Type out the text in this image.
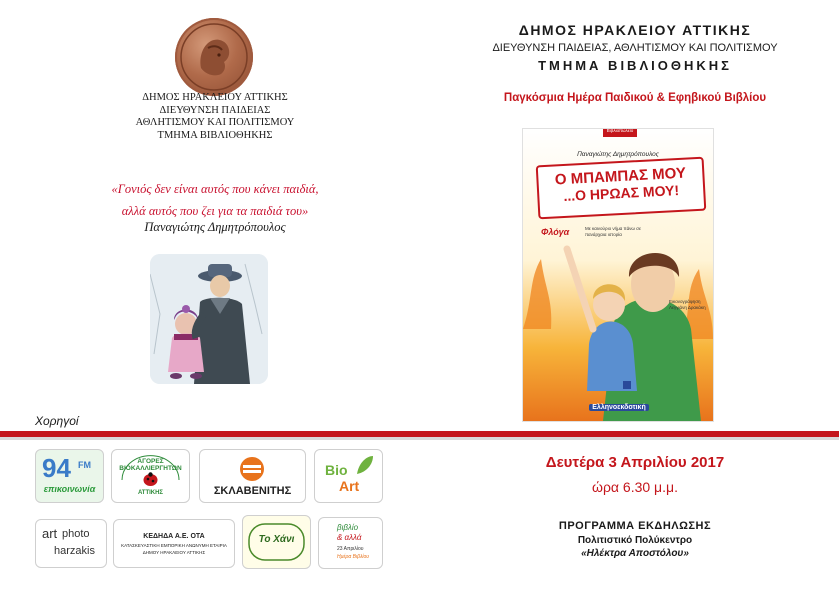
ΔΗΜΟΣ ΗΡΑΚΛΕΙΟΥ ΑΤΤΙΚΗΣ
ΔΙΕΥΘΥΝΣΗ ΠΑΙΔΕΙΑΣ
ΑΘΛΗΤΙΣΜΟΥ ΚΑΙ ΠΟΛΙΤΙΣΜΟΥ
ΤΜΗΜΑ ΒΙΒΛΙΟΘΗΚΗΣ
«Γονιός δεν είναι αυτός που κάνει παιδιά,
αλλά αυτός που ζει για τα παιδιά του»
Παναγιώτης Δημητρόπουλος
Χορηγοί
94 FM
επικοινωνία
ΑΓΟΡΕΣ ΒΙΟΚΑΛΛΙΕΡΓΗΤΩΝ
ΑΤΤΙΚΗΣ	ΣΚΛΑΒΕΝΙΤΗΣ
Bio
Art
art photo
harzakis
ΚΕΔΗΔΑ Α.Ε. ΟΤΑ
ΚΑΤΑΣΚΕΥΑΣΤΙΚΗ ΕΜΠΟΡΙΚΗ ΑΝΩΝΥΜΗ ΕΤΑΙΡΙΑ
ΔΗΜΟΥ ΗΡΑΚΛΕΙΟΥ ΑΤΤΙΚΗΣ
Το Χάνι
βιβλίο
& αλλά
23 Απριλίου
Ημέρα Βιβλίου
ΔΗΜΟΣ ΗΡΑΚΛΕΙΟΥ ΑΤΤΙΚΗΣ
ΔΙΕΥΘΥΝΣΗ ΠΑΙΔΕΙΑΣ, ΑΘΛΗΤΙΣΜΟΥ ΚΑΙ ΠΟΛΙΤΙΣΜΟΥ
ΤΜΗΜΑ ΒΙΒΛΙΟΘΗΚΗΣ
Παγκόσμια Ημέρα Παιδικού & Εφηβικού Βιβλίου
Βιβλιοπωλείο
Παναγιώτης Δημητρόπουλος
Ο ΜΠΑΜΠΑΣ ΜΟΥ
...Ο ΗΡΩΑΣ ΜΟΥ!
Φλόγα	Με καινούριο νήμα πάνω σε πανάρχαια ιστορία
Εικονογράφηση Λεγγιάνη Δρακάκη
Ελληνοεκδοτική
Δευτέρα 3 Απριλίου 2017
ώρα 6.30 μ.μ.
ΠΡΟΓΡΑΜΜΑ ΕΚΔΗΛΩΣΗΣ
Πολιτιστικό Πολύκεντρο
«Ηλέκτρα Αποστόλου»
